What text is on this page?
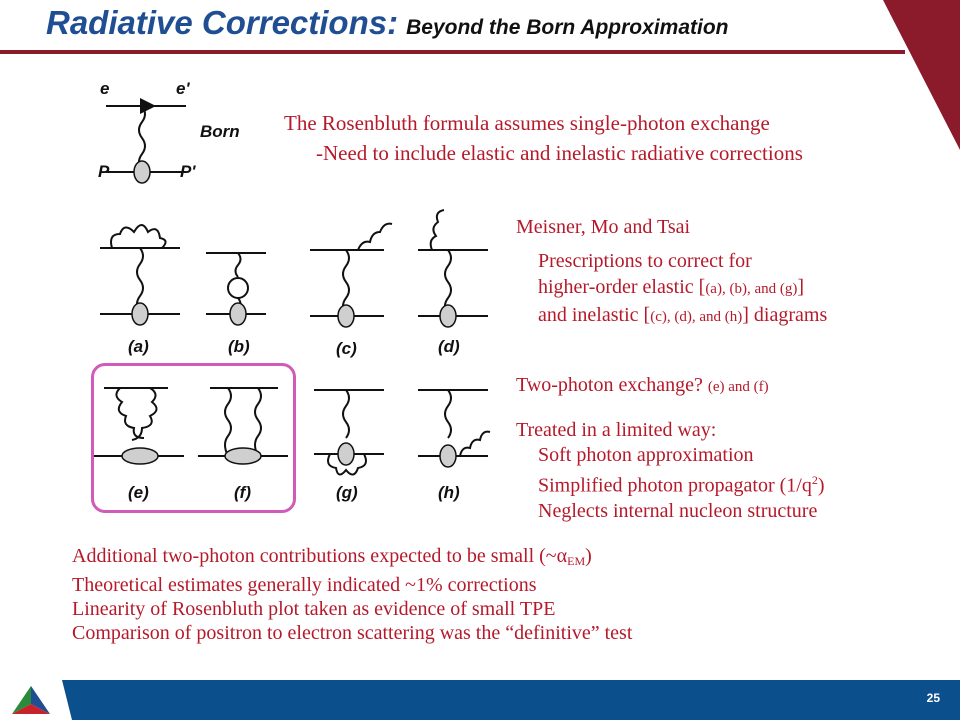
Radiative Corrections: Beyond the Born Approximation
e	e'
Born
P	P'
(a)	(b)	(c)	(d)
(e)	(f)	(g)	(h)
The Rosenbluth formula assumes single-photon exchange
-Need to include elastic and inelastic radiative corrections
Meisner, Mo and Tsai
Prescriptions to correct for
higher-order elastic [(a), (b), and (g)]
and inelastic [(c), (d), and (h)] diagrams
Two-photon exchange? (e) and (f)
Treated in a limited way:
Soft photon approximation
Simplified photon propagator $(1/q^2)$
Neglects internal nucleon structure
Additional two-photon contributions expected to be small (~αEM)
Theoretical estimates generally indicated ~1% corrections
Linearity of Rosenbluth plot taken as evidence of small TPE
Comparison of positron to electron scattering was the “definitive” test
25
